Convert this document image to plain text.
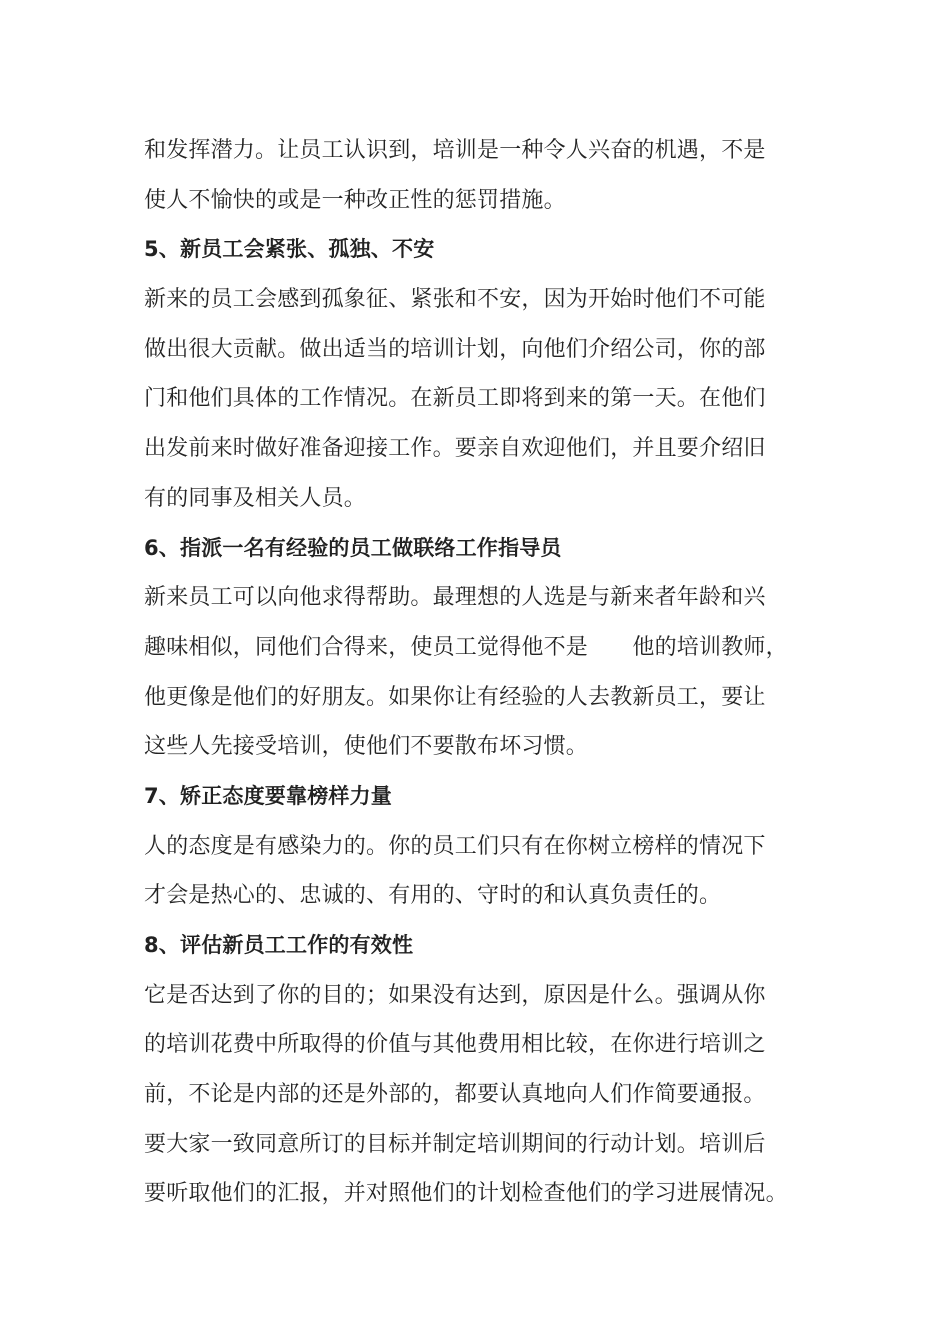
和发挥潜力。让员工认识到，培训是一种令人兴奋的机遇，不是
使人不愉快的或是一种改正性的惩罚措施。
5、新员工会紧张、孤独、不安
新来的员工会感到孤象征、紧张和不安，因为开始时他们不可能
做出很大贡献。做出适当的培训计划，向他们介绍公司，你的部
门和他们具体的工作情况。在新员工即将到来的第一天。在他们
出发前来时做好准备迎接工作。要亲自欢迎他们，并且要介绍旧
有的同事及相关人员。
6、指派一名有经验的员工做联络工作指导员
新来员工可以向他求得帮助。最理想的人选是与新来者年龄和兴
趣味相似，同他们合得来，使员工觉得他不是　　他的培训教师，
他更像是他们的好朋友。如果你让有经验的人去教新员工，要让
这些人先接受培训，使他们不要散布坏习惯。
7、矫正态度要靠榜样力量
人的态度是有感染力的。你的员工们只有在你树立榜样的情况下
才会是热心的、忠诚的、有用的、守时的和认真负责任的。
8、评估新员工工作的有效性
它是否达到了你的目的；如果没有达到，原因是什么。强调从你
的培训花费中所取得的价值与其他费用相比较，在你进行培训之
前，不论是内部的还是外部的，都要认真地向人们作简要通报。
要大家一致同意所订的目标并制定培训期间的行动计划。培训后
要听取他们的汇报，并对照他们的计划检查他们的学习进展情况。
